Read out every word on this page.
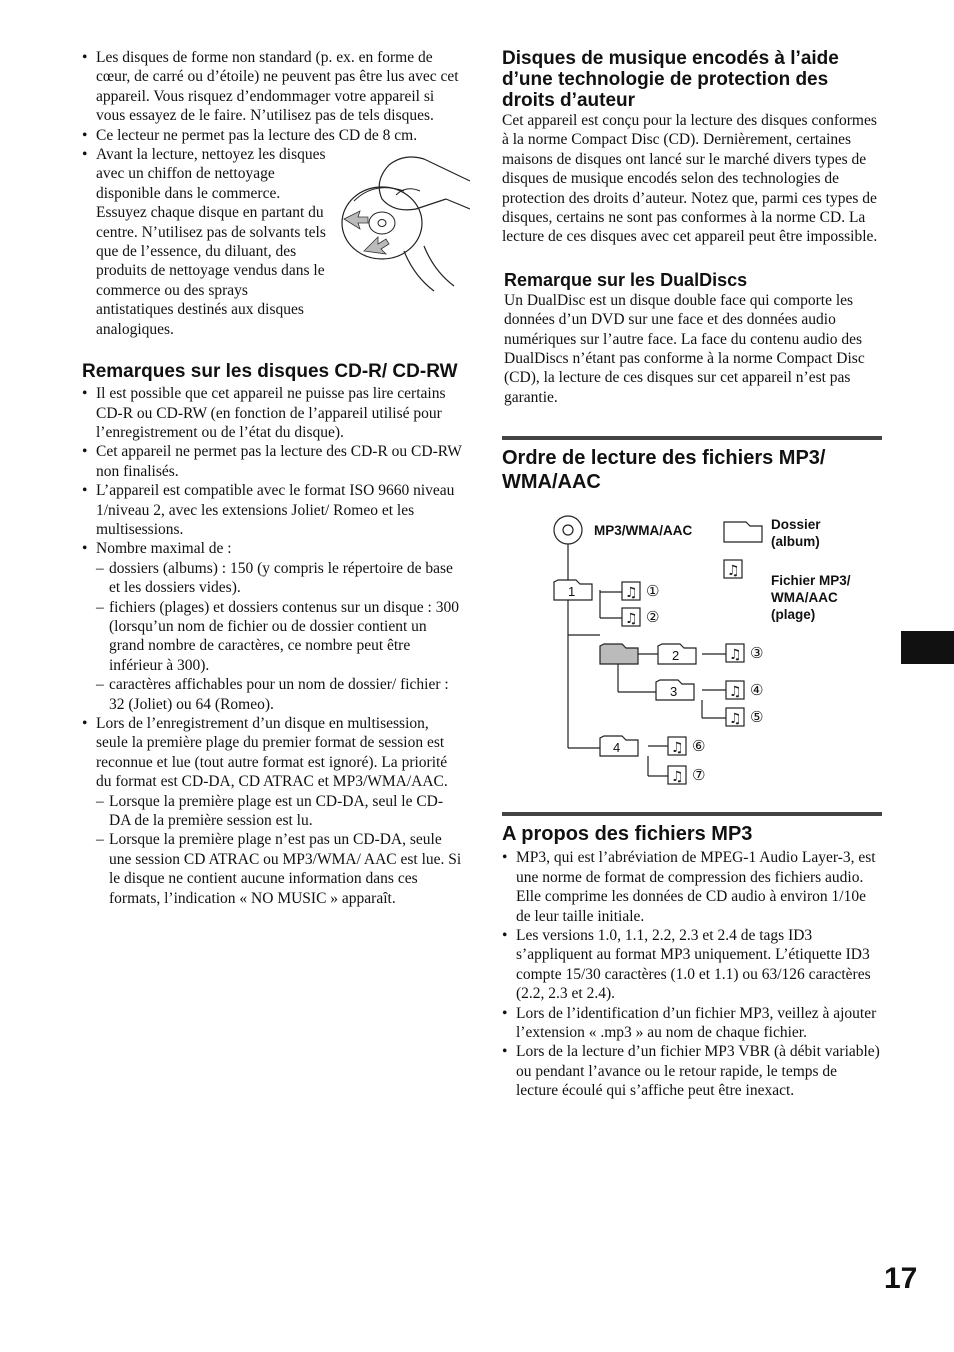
• Les disques de forme non standard (p. ex. en forme de cœur, de carré ou d’étoile) ne peuvent pas être lus avec cet appareil. Vous risquez d’endommager votre appareil si vous essayez de le faire. N’utilisez pas de tels disques.
• Ce lecteur ne permet pas la lecture des CD de 8 cm.
• Avant la lecture, nettoyez les disques avec un chiffon de nettoyage disponible dans le commerce. Essuyez chaque disque en partant du centre. N’utilisez pas de solvants tels que de l’essence, du diluant, des produits de nettoyage vendus dans le commerce ou des sprays antistatiques destinés aux disques analogiques.
Remarques sur les disques CD-R/ CD-RW
• Il est possible que cet appareil ne puisse pas lire certains CD-R ou CD-RW (en fonction de l’appareil utilisé pour l’enregistrement ou de l’état du disque).
• Cet appareil ne permet pas la lecture des CD-R ou CD-RW non finalisés.
• L’appareil est compatible avec le format ISO 9660 niveau 1/niveau 2, avec les extensions Joliet/ Romeo et les multisessions.
• Nombre maximal de :
– dossiers (albums) : 150 (y compris le répertoire de base et les dossiers vides).
– fichiers (plages) et dossiers contenus sur un disque : 300 (lorsqu’un nom de fichier ou de dossier contient un grand nombre de caractères, ce nombre peut être inférieur à 300).
– caractères affichables pour un nom de dossier/ fichier : 32 (Joliet) ou 64 (Romeo).
• Lors de l’enregistrement d’un disque en multisession, seule la première plage du premier format de session est reconnue et lue (tout autre format est ignoré). La priorité du format est CD-DA, CD ATRAC et MP3/WMA/AAC.
– Lorsque la première plage est un CD-DA, seul le CD-DA de la première session est lu.
– Lorsque la première plage n’est pas un CD-DA, seule une session CD ATRAC ou MP3/WMA/ AAC est lue. Si le disque ne contient aucune information dans ces formats, l’indication « NO MUSIC » apparaît.
Disques de musique encodés à l’aide d’une technologie de protection des droits d’auteur

Cet appareil est conçu pour la lecture des disques conformes à la norme Compact Disc (CD). Dernièrement, certaines maisons de disques ont lancé sur le marché divers types de disques de musique encodés selon des technologies de protection des droits d’auteur. Notez que, parmi ces types de disques, certains ne sont pas conformes à la norme CD. La lecture de ces disques avec cet appareil peut être impossible.

Remarque sur les DualDiscs

Un DualDisc est un disque double face qui comporte les données d’un DVD sur une face et des données audio numériques sur l’autre face. La face du contenu audio des DualDiscs n’étant pas conforme à la norme Compact Disc (CD), la lecture de ces disques sur cet appareil n’est pas garantie.

Ordre de lecture des fichiers MP3/ WMA/AAC
♫
♫
♫
♫
♫
♫
♫
♫
MP3/WMA/AAC	Dossier (album)
Fichier MP3/ WMA/AAC (plage)
1
2
3
4
①
②
③
④
⑤
⑥
⑦
A propos des fichiers MP3
• MP3, qui est l’abréviation de MPEG-1 Audio Layer-3, est une norme de format de compression des fichiers audio. Elle comprime les données de CD audio à environ 1/10e de leur taille initiale.
• Les versions 1.0, 1.1, 2.2, 2.3 et 2.4 de tags ID3 s’appliquent au format MP3 uniquement. L’étiquette ID3 compte 15/30 caractères (1.0 et 1.1) ou 63/126 caractères (2.2, 2.3 et 2.4).
• Lors de l’identification d’un fichier MP3, veillez à ajouter l’extension « .mp3 » au nom de chaque fichier.
• Lors de la lecture d’un fichier MP3 VBR (à débit variable) ou pendant l’avance ou le retour rapide, le temps de lecture écoulé qui s’affiche peut être inexact.
17
